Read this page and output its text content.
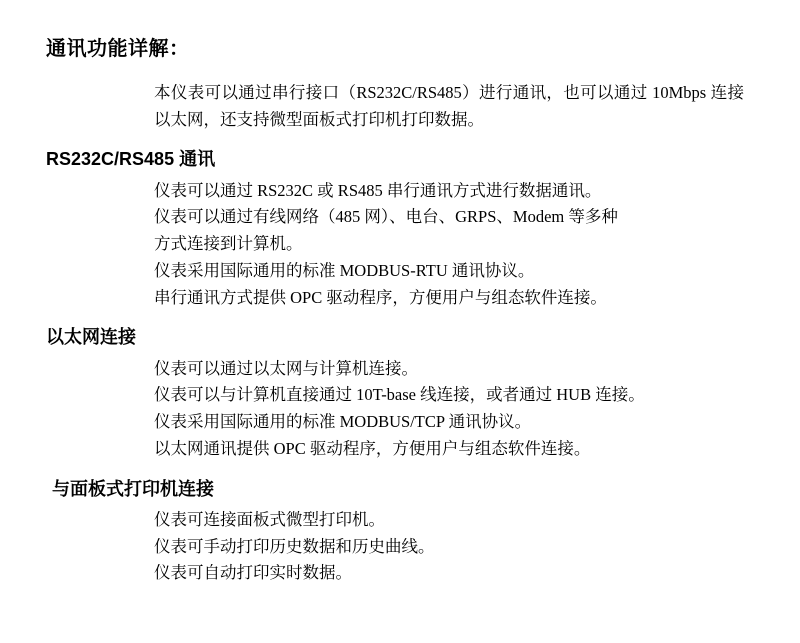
通讯功能详解：

本仪表可以通过串行接口（RS232C/RS485）进行通讯，也可以通过 10Mbps 连接以太网，还支持微型面板式打印机打印数据。

RS232C/RS485 通讯
仪表可以通过 RS232C 或 RS485 串行通讯方式进行数据通讯。
仪表可以通过有线网络（485 网）、电台、GRPS、Modem 等多种
方式连接到计算机。
仪表采用国际通用的标准 MODBUS-RTU 通讯协议。
串行通讯方式提供 OPC 驱动程序，方便用户与组态软件连接。
以太网连接
仪表可以通过以太网与计算机连接。
仪表可以与计算机直接通过 10T-base 线连接，或者通过 HUB 连接。
仪表采用国际通用的标准 MODBUS/TCP 通讯协议。
以太网通讯提供 OPC 驱动程序，方便用户与组态软件连接。
与面板式打印机连接
仪表可连接面板式微型打印机。
仪表可手动打印历史数据和历史曲线。
仪表可自动打印实时数据。
